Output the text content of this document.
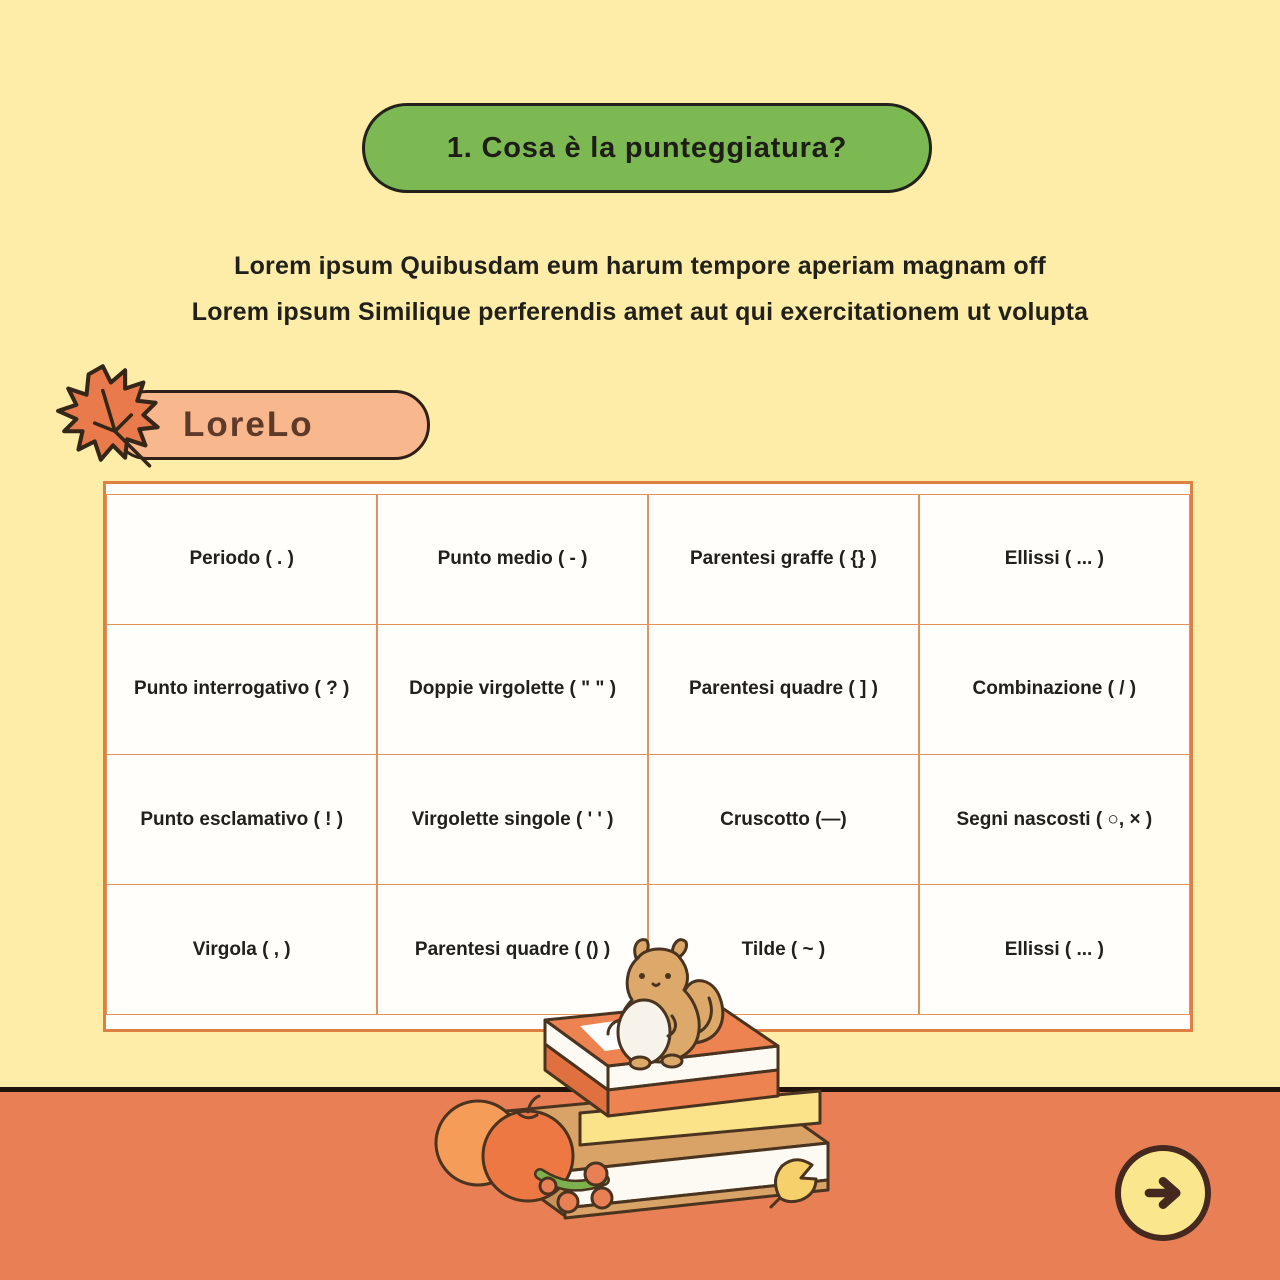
1. Cosa è la punteggiatura?
Lorem ipsum Quibusdam eum harum tempore aperiam magnam off
Lorem ipsum Similique perferendis amet aut qui exercitationem ut volupta
LoreLo
Periodo ( . )	Punto medio ( - )	Parentesi graffe ( {} )	Ellissi ( ... )
Punto interrogativo ( ? )	Doppie virgolette ( " " )	Parentesi quadre ( ] )	Combinazione ( / )
Punto esclamativo ( ! )	Virgolette singole ( ' ' )	Cruscotto (—)	Segni nascosti ( ○, × )
Virgola ( , )	Parentesi quadre ( () )	Tilde ( ~ )	Ellissi ( ... )
